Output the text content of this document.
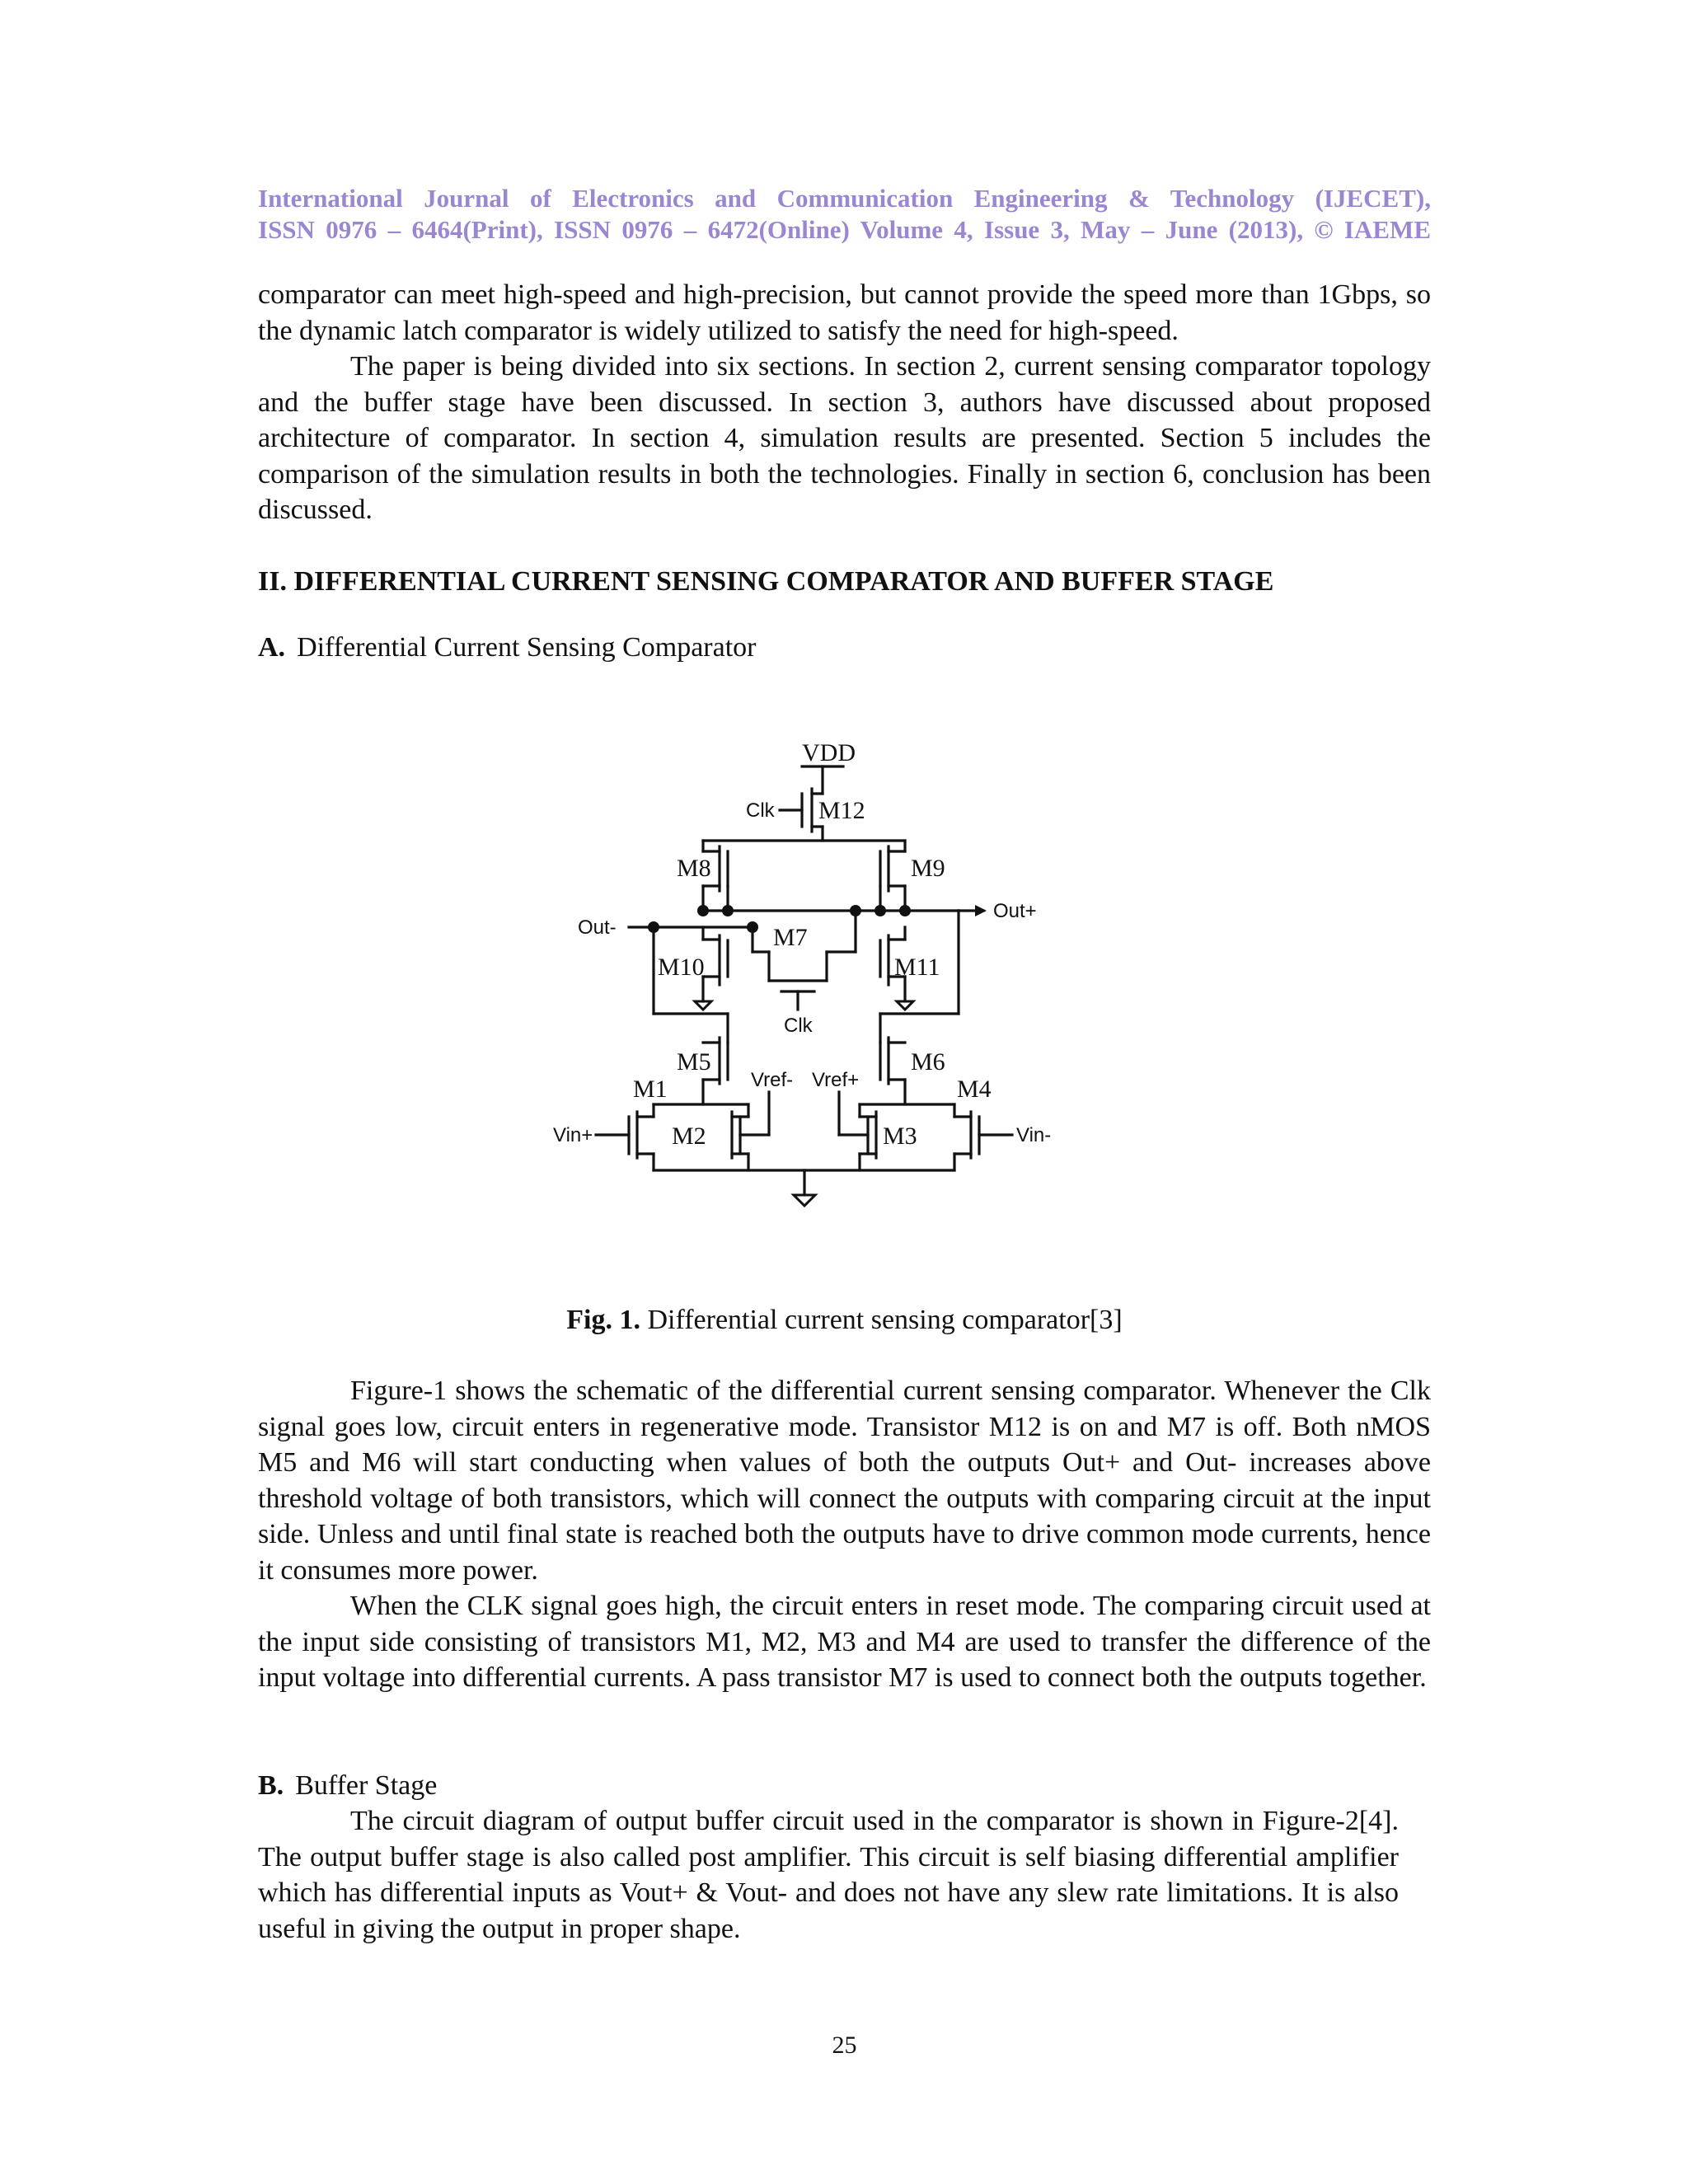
International Journal of Electronics and Communication Engineering & Technology (IJECET),
ISSN 0976 – 6464(Print), ISSN 0976 – 6472(Online) Volume 4, Issue 3, May – June (2013), © IAEME

comparator can meet high-speed and high-precision, but cannot provide the speed more than 1Gbps, so the dynamic latch comparator is widely utilized to satisfy the need for high-speed.

The paper is being divided into six sections. In section 2, current sensing comparator topology and the buffer stage have been discussed. In section 3, authors have discussed about proposed architecture of comparator. In section 4, simulation results are presented. Section 5 includes the comparison of the simulation results in both the technologies. Finally in section 6, conclusion has been discussed.

II. DIFFERENTIAL CURRENT SENSING COMPARATOR AND BUFFER STAGE
A. Differential Current Sensing Comparator
VDD
Clk M12
M8	M9
Out-
Out+
M7
M10	M11
Clk
M5	M6
M1	M4
Vref- Vref+
Vin+	Vin-
M2	M3
Fig. 1. Differential current sensing comparator[3]

Figure-1 shows the schematic of the differential current sensing comparator. Whenever the Clk signal goes low, circuit enters in regenerative mode. Transistor M12 is on and M7 is off. Both nMOS M5 and M6 will start conducting when values of both the outputs Out+ and Out- increases above threshold voltage of both transistors, which will connect the outputs with comparing circuit at the input side. Unless and until final state is reached both the outputs have to drive common mode currents, hence it consumes more power.

When the CLK signal goes high, the circuit enters in reset mode. The comparing circuit used at the input side consisting of transistors M1, M2, M3 and M4 are used to transfer the difference of the input voltage into differential currents. A pass transistor M7 is used to connect both the outputs together.

B. Buffer Stage

The circuit diagram of output buffer circuit used in the comparator is shown in Figure-2[4]. The output buffer stage is also called post amplifier. This circuit is self biasing differential amplifier which has differential inputs as Vout+ & Vout- and does not have any slew rate limitations. It is also useful in giving the output in proper shape.

25
